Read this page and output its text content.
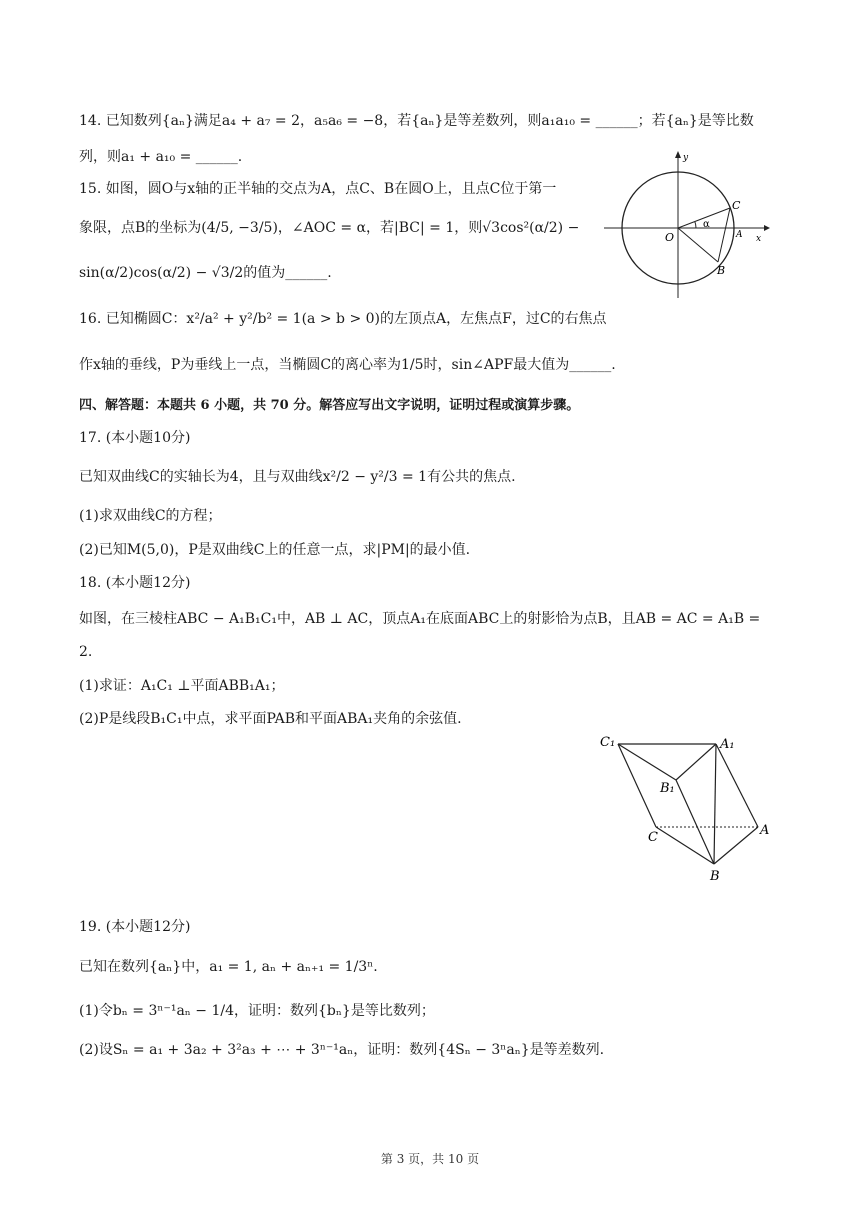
14. 已知数列{aₙ}满足a₄ + a₇ = 2，a₅a₆ = −8，若{aₙ}是等差数列，则a₁a₁₀ = ______；若{aₙ}是等比数
列，则a₁ + a₁₀ = ______.
15. 如图，圆O与x轴的正半轴的交点为A，点C、B在圆O上，且点C位于第一
象限，点B的坐标为(4/5, −3/5)，∠AOC = α，若|BC| = 1，则√3cos²(α/2) −
sin(α/2)cos(α/2) − √3/2的值为______.
y
x
O	A
C
B
α
16. 已知椭圆C：x²/a² + y²/b² = 1(a > b > 0)的左顶点A，左焦点F，过C的右焦点
作x轴的垂线，P为垂线上一点，当椭圆C的离心率为1/5时，sin∠APF最大值为______.
四、解答题：本题共 6 小题，共 70 分。解答应写出文字说明，证明过程或演算步骤。
17. (本小题10分)
已知双曲线C的实轴长为4，且与双曲线x²/2 − y²/3 = 1有公共的焦点.
(1)求双曲线C的方程；
(2)已知M(5,0)，P是双曲线C上的任意一点，求|PM|的最小值.
18. (本小题12分)
如图，在三棱柱ABC − A₁B₁C₁中，AB ⊥ AC，顶点A₁在底面ABC上的射影恰为点B，且AB = AC = A₁B =
2.
(1)求证：A₁C₁ ⊥平面ABB₁A₁；
(2)P是线段B₁C₁中点，求平面PAB和平面ABA₁夹角的余弦值.
C₁	A₁
B₁
C	A
B
19. (本小题12分)
已知在数列{aₙ}中，a₁ = 1, aₙ + aₙ₊₁ = 1/3ⁿ.
(1)令bₙ = 3ⁿ⁻¹aₙ − 1/4，证明：数列{bₙ}是等比数列；
(2)设Sₙ = a₁ + 3a₂ + 3²a₃ + ⋯ + 3ⁿ⁻¹aₙ，证明：数列{4Sₙ − 3ⁿaₙ}是等差数列.
第 3 页，共 10 页
